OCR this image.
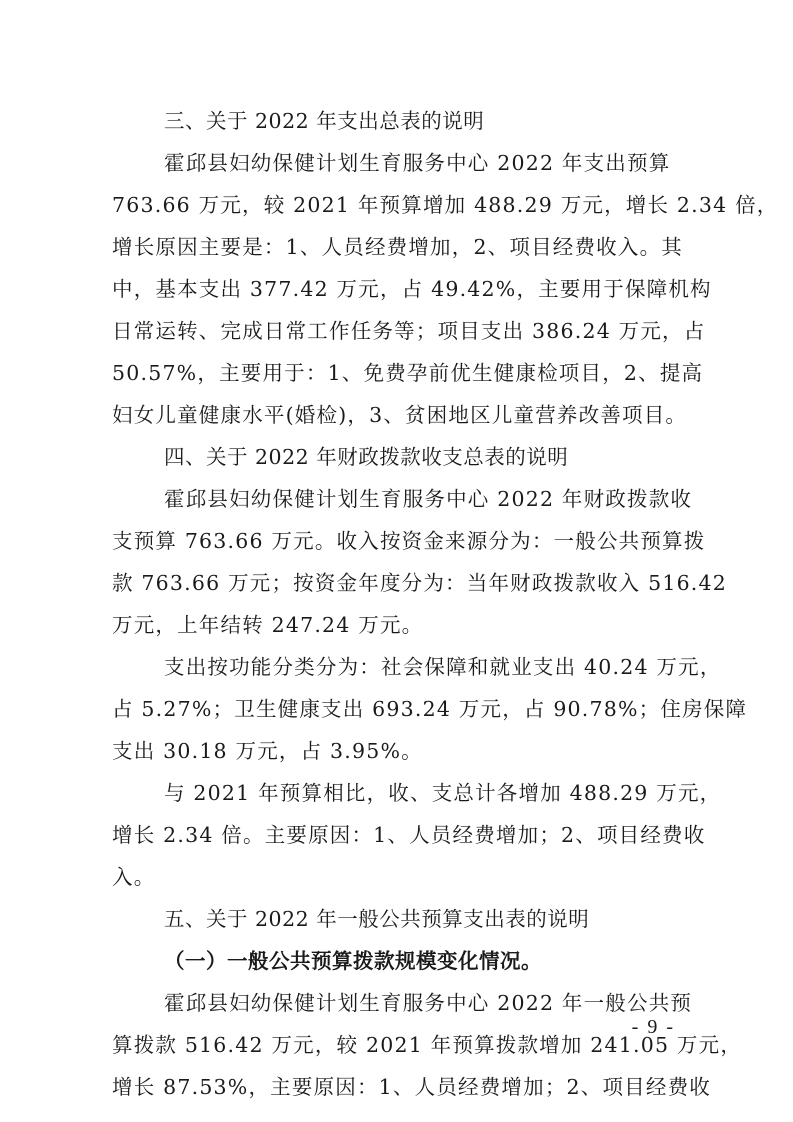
三、关于 2022 年支出总表的说明

霍邱县妇幼保健计划生育服务中心 2022 年支出预算
763.66 万元，较 2021 年预算增加 488.29 万元，增长 2.34 倍，
增长原因主要是：1、人员经费增加，2、项目经费收入。其
中，基本支出 377.42 万元，占 49.42%，主要用于保障机构
日常运转、完成日常工作任务等；项目支出 386.24 万元，占
50.57%，主要用于：1、免费孕前优生健康检项目，2、提高
妇女儿童健康水平(婚检)，3、贫困地区儿童营养改善项目。

四、关于 2022 年财政拨款收支总表的说明

霍邱县妇幼保健计划生育服务中心 2022 年财政拨款收
支预算 763.66 万元。收入按资金来源分为：一般公共预算拨
款 763.66 万元；按资金年度分为：当年财政拨款收入 516.42
万元，上年结转 247.24 万元。

支出按功能分类分为：社会保障和就业支出 40.24 万元，
占 5.27%；卫生健康支出 693.24 万元，占 90.78%；住房保障
支出 30.18 万元，占 3.95%。

与 2021 年预算相比，收、支总计各增加 488.29 万元，
增长 2.34 倍。主要原因：1、人员经费增加；2、项目经费收
入。

五、关于 2022 年一般公共预算支出表的说明
（一）一般公共预算拨款规模变化情况。

霍邱县妇幼保健计划生育服务中心 2022 年一般公共预
算拨款 516.42 万元，较 2021 年预算拨款增加 241.05 万元，
增长 87.53%，主要原因：1、人员经费增加；2、项目经费收

- 9 -
